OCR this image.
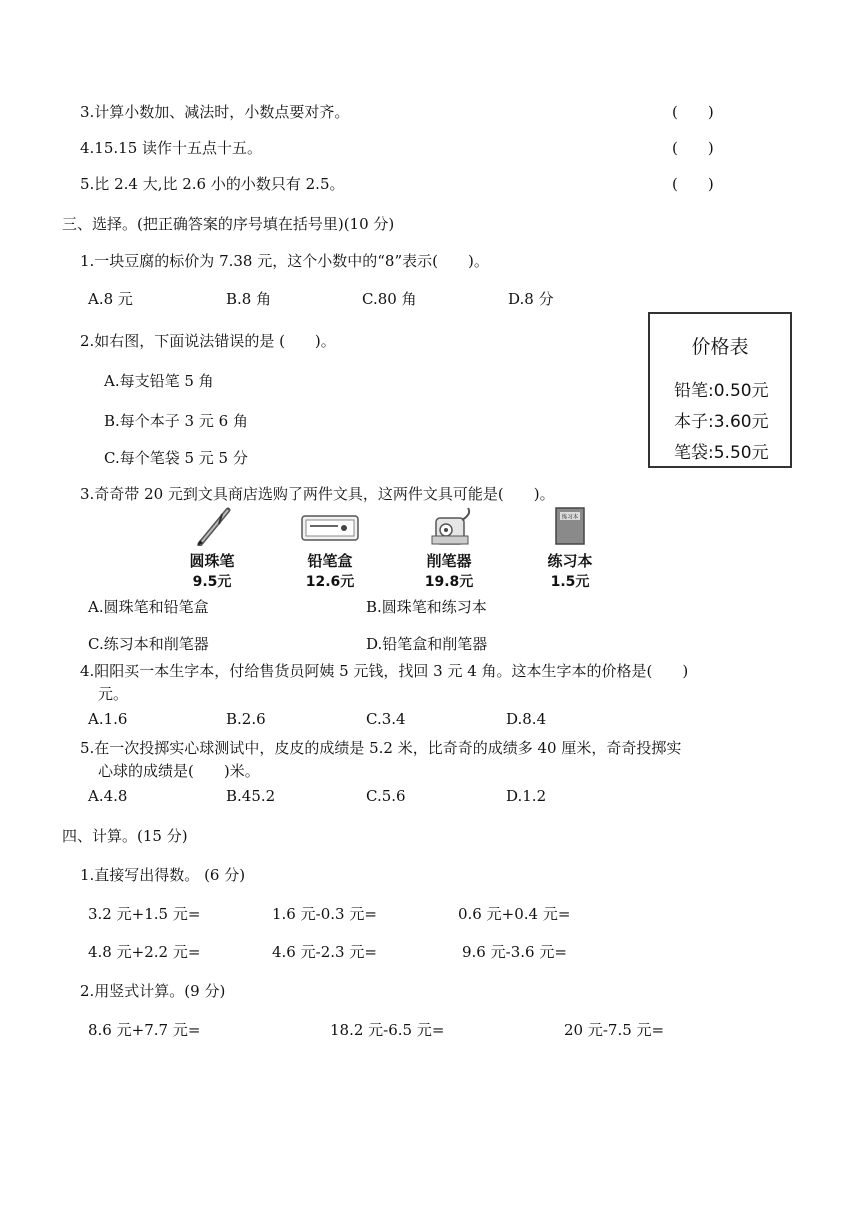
3.计算小数加、减法时，小数点要对齐。	(　　)
4.15.15 读作十五点十五。	(　　)
5.比 2.4 大,比 2.6 小的小数只有 2.5。	(　　)
三、选择。(把正确答案的序号填在括号里)(10 分)
1.一块豆腐的标价为 7.38 元，这个小数中的“8”表示(　　)。
A.8 元	B.8 角	C.80 角	D.8 分
2.如右图，下面说法错误的是 (　　)。
A.每支铅笔 5 角
B.每个本子 3 元 6 角
C.每个笔袋 5 元 5 分
价格表
铅笔:0.50元
本子:3.60元
笔袋:5.50元
3.奇奇带 20 元到文具商店选购了两件文具，这两件文具可能是(　　)。
圆珠笔
9.5元
铅笔盒
12.6元
削笔器
19.8元
练习本
练习本
1.5元
A.圆珠笔和铅笔盒	B.圆珠笔和练习本
C.练习本和削笔器	D.铅笔盒和削笔器
4.阳阳买一本生字本，付给售货员阿姨 5 元钱，找回 3 元 4 角。这本生字本的价格是(　　)
元。
A.1.6	B.2.6	C.3.4	D.8.4
5.在一次投掷实心球测试中，皮皮的成绩是 5.2 米，比奇奇的成绩多 40 厘米，奇奇投掷实
心球的成绩是(　　)米。
A.4.8	B.45.2	C.5.6	D.1.2
四、计算。(15 分)
1.直接写出得数。 (6 分)
3.2 元+1.5 元=	1.6 元-0.3 元=	0.6 元+0.4 元=
4.8 元+2.2 元=	4.6 元-2.3 元=	9.6 元-3.6 元=
2.用竖式计算。(9 分)
8.6 元+7.7 元=	18.2 元-6.5 元=	20 元-7.5 元=
